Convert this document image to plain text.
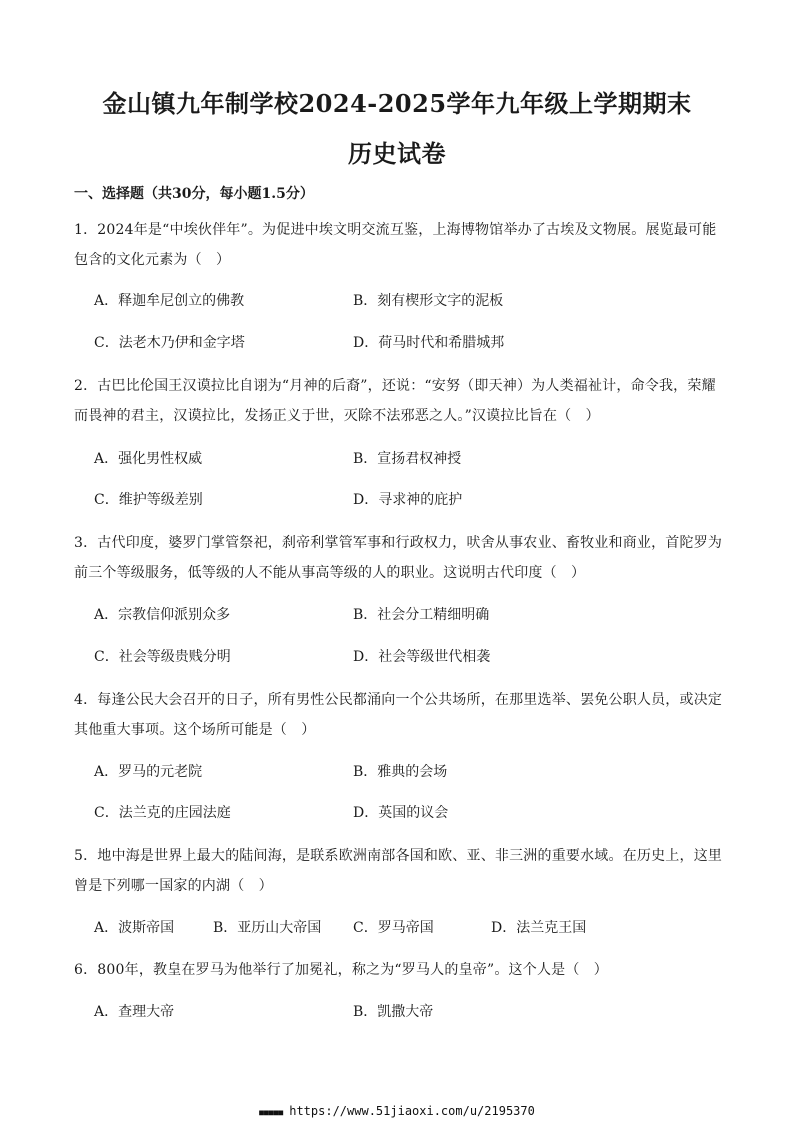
金山镇九年制学校2024-2025学年九年级上学期期末
历史试卷
一、选择题（共30分，每小题1.5分）
1．2024年是“中埃伙伴年”。为促进中埃文明交流互鉴，上海博物馆举办了古埃及文物展。展览最可能包含的文化元素为（　）
A．释迦牟尼创立的佛教	B．刻有楔形文字的泥板
C．法老木乃伊和金字塔	D．荷马时代和希腊城邦
2．古巴比伦国王汉谟拉比自诩为“月神的后裔”，还说：“安努（即天神）为人类福祉计，命令我，荣耀而畏神的君主，汉谟拉比，发扬正义于世，灭除不法邪恶之人。”汉谟拉比旨在（　）
A．强化男性权威	B．宣扬君权神授
C．维护等级差别	D．寻求神的庇护
3．古代印度，婆罗门掌管祭祀，刹帝利掌管军事和行政权力，吠舍从事农业、畜牧业和商业，首陀罗为前三个等级服务，低等级的人不能从事高等级的人的职业。这说明古代印度（　）
A．宗教信仰派别众多	B．社会分工精细明确
C．社会等级贵贱分明	D．社会等级世代相袭
4．每逢公民大会召开的日子，所有男性公民都涌向一个公共场所，在那里选举、罢免公职人员，或决定其他重大事项。这个场所可能是（　）
A．罗马的元老院	B．雅典的会场
C．法兰克的庄园法庭	D．英国的议会
5．地中海是世界上最大的陆间海，是联系欧洲南部各国和欧、亚、非三洲的重要水域。在历史上，这里曾是下列哪一国家的内湖（　）
A．波斯帝国	B．亚历山大帝国 C．罗马帝国	D．法兰克王国
6．800年，教皇在罗马为他举行了加冕礼，称之为“罗马人的皇帝”。这个人是（　）
A．查理大帝	B．凯撒大帝
■■■■■ https://www.51jiaoxi.com/u/2195370
